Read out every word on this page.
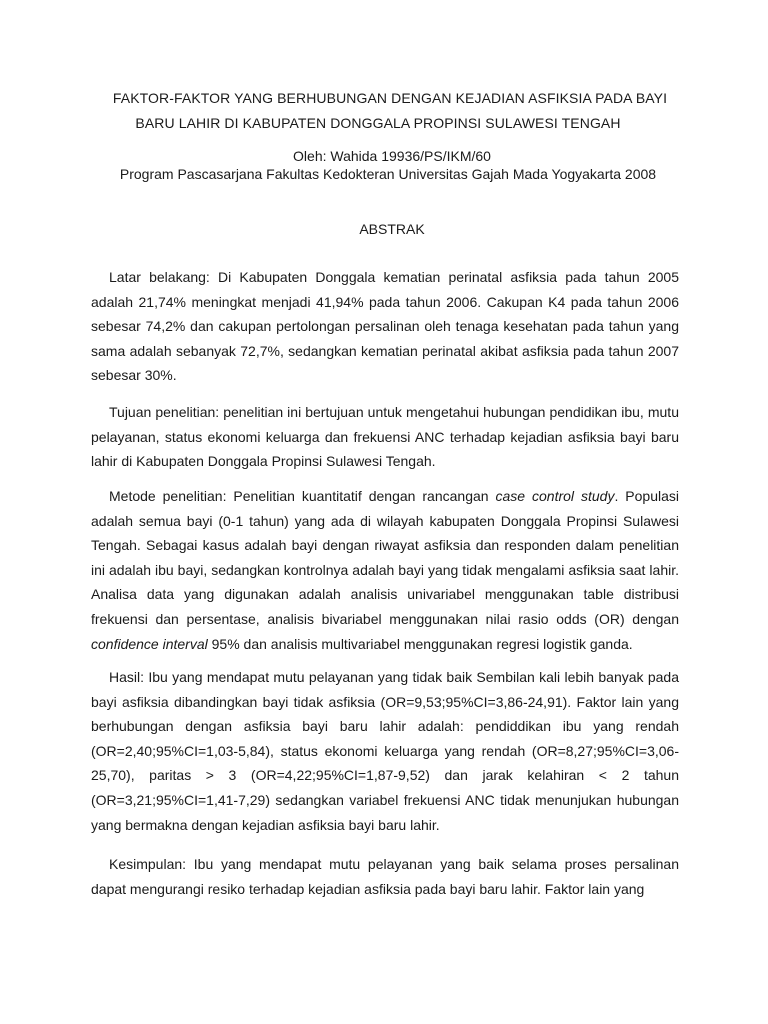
FAKTOR-FAKTOR YANG BERHUBUNGAN DENGAN KEJADIAN ASFIKSIA PADA BAYI
BARU LAHIR DI KABUPATEN DONGGALA PROPINSI SULAWESI TENGAH
Oleh: Wahida 19936/PS/IKM/60
Program Pascasarjana Fakultas Kedokteran Universitas Gajah Mada Yogyakarta 2008
ABSTRAK

Latar belakang: Di Kabupaten Donggala kematian perinatal asfiksia pada tahun 2005 adalah 21,74% meningkat menjadi 41,94% pada tahun 2006. Cakupan K4 pada tahun 2006 sebesar 74,2% dan cakupan pertolongan persalinan oleh tenaga kesehatan pada tahun yang sama adalah sebanyak 72,7%, sedangkan kematian perinatal akibat asfiksia pada tahun 2007 sebesar 30%.

Tujuan penelitian: penelitian ini bertujuan untuk mengetahui hubungan pendidikan ibu, mutu pelayanan, status ekonomi keluarga dan frekuensi ANC terhadap kejadian asfiksia bayi baru lahir di Kabupaten Donggala Propinsi Sulawesi Tengah.

Metode penelitian: Penelitian kuantitatif dengan rancangan case control study. Populasi adalah semua bayi (0-1 tahun) yang ada di wilayah kabupaten Donggala Propinsi Sulawesi Tengah. Sebagai kasus adalah bayi dengan riwayat asfiksia dan responden dalam penelitian ini adalah ibu bayi, sedangkan kontrolnya adalah bayi yang tidak mengalami asfiksia saat lahir. Analisa data yang digunakan adalah analisis univariabel menggunakan table distribusi frekuensi dan persentase, analisis bivariabel menggunakan nilai rasio odds (OR) dengan confidence interval 95% dan analisis multivariabel menggunakan regresi logistik ganda.

Hasil: Ibu yang mendapat mutu pelayanan yang tidak baik Sembilan kali lebih banyak pada bayi asfiksia dibandingkan bayi tidak asfiksia (OR=9,53;95%CI=3,86-24,91). Faktor lain yang berhubungan dengan asfiksia bayi baru lahir adalah: pendiddikan ibu yang rendah (OR=2,40;95%CI=1,03-5,84), status ekonomi keluarga yang rendah (OR=8,27;95%CI=3,06-25,70), paritas > 3 (OR=4,22;95%CI=1,87-9,52) dan jarak kelahiran < 2 tahun (OR=3,21;95%CI=1,41-7,29) sedangkan variabel frekuensi ANC tidak menunjukan hubungan yang bermakna dengan kejadian asfiksia bayi baru lahir.

Kesimpulan: Ibu yang mendapat mutu pelayanan yang baik selama proses persalinan dapat mengurangi resiko terhadap kejadian asfiksia pada bayi baru lahir. Faktor lain yang
